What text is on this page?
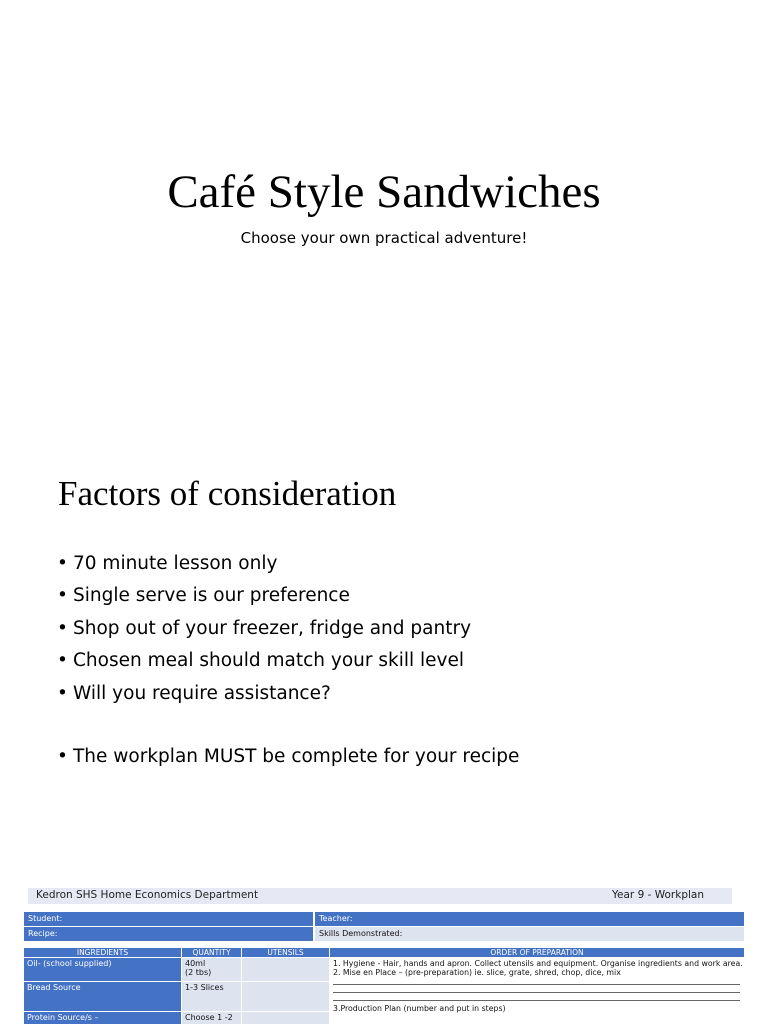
Café Style Sandwiches
Choose your own practical adventure!
Factors of consideration
• 70 minute lesson only
• Single serve is our preference
• Shop out of your freezer, fridge and pantry
• Chosen meal should match your skill level
• Will you require assistance?
• The workplan MUST be complete for your recipe
Kedron SHS Home Economics Department	Year 9 - Workplan
Student:	Teacher:
Recipe:	Skills Demonstrated:
INGREDIENTS	QUANTITY	UTENSILS	ORDER OF PREPARATION
Oil- (school supplied)	40ml
(2 tbs)
Bread Source	1-3 Slices
Protein Source/s –	Choose 1 -2
1. Hygiene - Hair, hands and apron. Collect utensils and equipment. Organise ingredients and work area.
2. Mise en Place – (pre-preparation) ie. slice, grate, shred, chop, dice, mix
3.Production Plan (number and put in steps)
